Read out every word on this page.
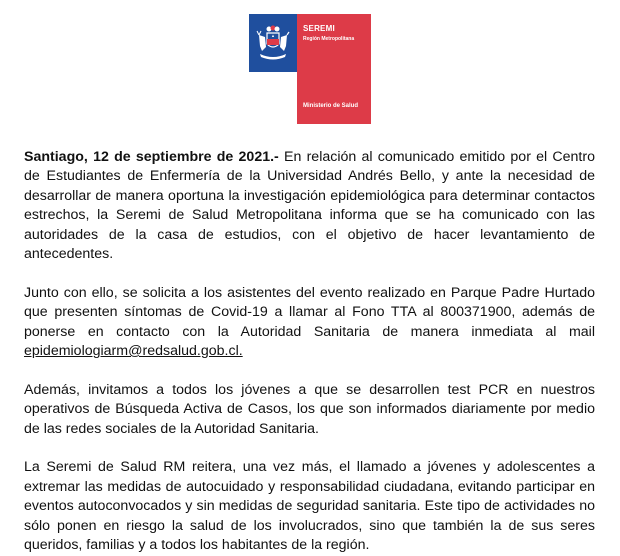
SEREMI
Región Metropolitana
Ministerio de Salud

Santiago, 12 de septiembre de 2021.- En relación al comunicado emitido por el Centro de Estudiantes de Enfermería de la Universidad Andrés Bello, y ante la necesidad de desarrollar de manera oportuna la investigación epidemiológica para determinar contactos estrechos, la Seremi de Salud Metropolitana informa que se ha comunicado con las autoridades de la casa de estudios, con el objetivo de hacer levantamiento de antecedentes.

Junto con ello, se solicita a los asistentes del evento realizado en Parque Padre Hurtado que presenten síntomas de Covid-19 a llamar al Fono TTA al 800371900, además de ponerse en contacto con la Autoridad Sanitaria de manera inmediata al mail epidemiologiarm@redsalud.gob.cl.

Además, invitamos a todos los jóvenes a que se desarrollen test PCR en nuestros operativos de Búsqueda Activa de Casos, los que son informados diariamente por medio de las redes sociales de la Autoridad Sanitaria.

La Seremi de Salud RM reitera, una vez más, el llamado a jóvenes y adolescentes a extremar las medidas de autocuidado y responsabilidad ciudadana, evitando participar en eventos autoconvocados y sin medidas de seguridad sanitaria. Este tipo de actividades no sólo ponen en riesgo la salud de los involucrados, sino que también la de sus seres queridos, familias y a todos los habitantes de la región.
